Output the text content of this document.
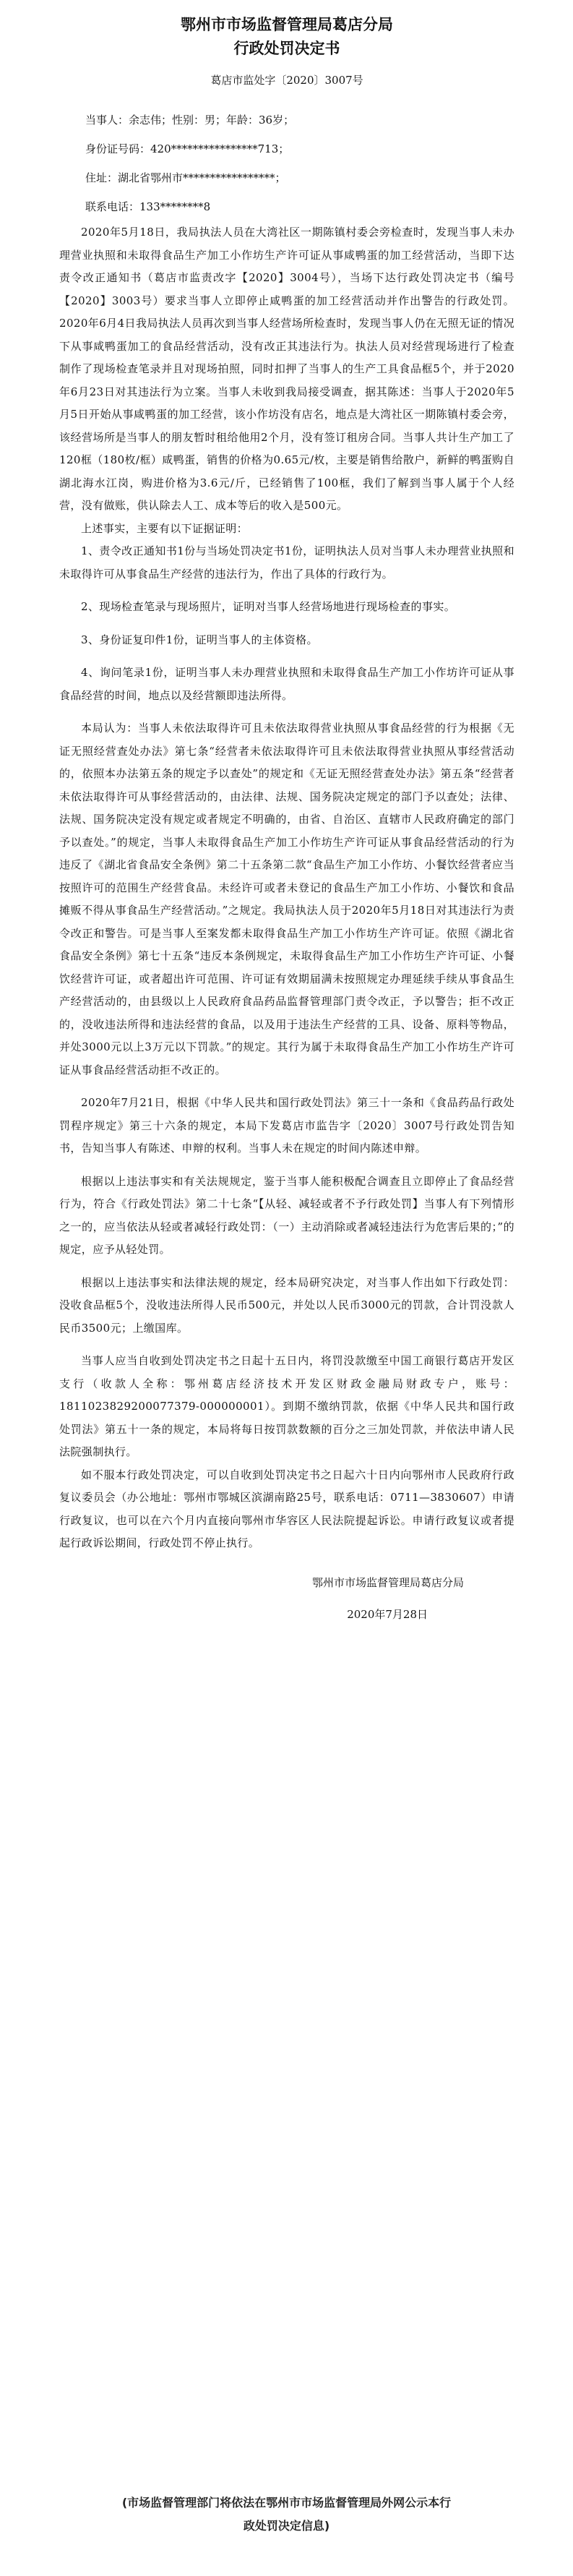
鄂州市市场监督管理局葛店分局
行政处罚决定书
葛店市监处字〔2020〕3007号

当事人：余志伟；性别：男；年龄：36岁；

身份证号码：420****************713；

住址：湖北省鄂州市*****************；

联系电话：133********8

2020年5月18日，我局执法人员在大湾社区一期陈镇村委会旁检查时，发现当事人未办理营业执照和未取得食品生产加工小作坊生产许可证从事咸鸭蛋的加工经营活动，当即下达责令改正通知书（葛店市监责改字【2020】3004号），当场下达行政处罚决定书（编号【2020】3003号）要求当事人立即停止咸鸭蛋的加工经营活动并作出警告的行政处罚。2020年6月4日我局执法人员再次到当事人经营场所检查时，发现当事人仍在无照无证的情况下从事咸鸭蛋加工的食品经营活动，没有改正其违法行为。执法人员对经营现场进行了检查制作了现场检查笔录并且对现场拍照，同时扣押了当事人的生产工具食品框5个，并于2020年6月23日对其违法行为立案。当事人未收到我局接受调查，据其陈述：当事人于2020年5月5日开始从事咸鸭蛋的加工经营，该小作坊没有店名，地点是大湾社区一期陈镇村委会旁，该经营场所是当事人的朋友暂时租给他用2个月，没有签订租房合同。当事人共计生产加工了120框（180枚/框）咸鸭蛋，销售的价格为0.65元/枚，主要是销售给散户，新鲜的鸭蛋购自湖北海水江岗，购进价格为3.6元/斤，已经销售了100框，我们了解到当事人属于个人经营，没有做账，供认除去人工、成本等后的收入是500元。

上述事实，主要有以下证据证明：

1、责令改正通知书1份与当场处罚决定书1份，证明执法人员对当事人未办理营业执照和未取得许可从事食品生产经营的违法行为，作出了具体的行政行为。

2、现场检查笔录与现场照片，证明对当事人经营场地进行现场检查的事实。

3、身份证复印件1份，证明当事人的主体资格。

4、询问笔录1份，证明当事人未办理营业执照和未取得食品生产加工小作坊许可证从事食品经营的时间，地点以及经营额即违法所得。

本局认为：当事人未依法取得许可且未依法取得营业执照从事食品经营的行为根据《无证无照经营查处办法》第七条“经营者未依法取得许可且未依法取得营业执照从事经营活动的，依照本办法第五条的规定予以查处”的规定和《无证无照经营查处办法》第五条“经营者未依法取得许可从事经营活动的，由法律、法规、国务院决定规定的部门予以查处；法律、法规、国务院决定没有规定或者规定不明确的，由省、自治区、直辖市人民政府确定的部门予以查处。”的规定，当事人未取得食品生产加工小作坊生产许可证从事食品经营活动的行为违反了《湖北省食品安全条例》第二十五条第二款“食品生产加工小作坊、小餐饮经营者应当按照许可的范围生产经营食品。未经许可或者未登记的食品生产加工小作坊、小餐饮和食品摊贩不得从事食品生产经营活动。”之规定。我局执法人员于2020年5月18日对其违法行为责令改正和警告。可是当事人至案发都未取得食品生产加工小作坊生产许可证。依照《湖北省食品安全条例》第七十五条“违反本条例规定，未取得食品生产加工小作坊生产许可证、小餐饮经营许可证，或者超出许可范围、许可证有效期届满未按照规定办理延续手续从事食品生产经营活动的，由县级以上人民政府食品药品监督管理部门责令改正，予以警告；拒不改正的，没收违法所得和违法经营的食品，以及用于违法生产经营的工具、设备、原料等物品，并处3000元以上3万元以下罚款。”的规定。其行为属于未取得食品生产加工小作坊生产许可证从事食品经营活动拒不改正的。

2020年7月21日，根据《中华人民共和国行政处罚法》第三十一条和《食品药品行政处罚程序规定》第三十六条的规定，本局下发葛店市监告字〔2020〕3007号行政处罚告知书，告知当事人有陈述、申辩的权利。当事人未在规定的时间内陈述申辩。

根据以上违法事实和有关法规规定，鉴于当事人能积极配合调查且立即停止了食品经营行为，符合《行政处罚法》第二十七条“【从轻、减轻或者不予行政处罚】当事人有下列情形之一的，应当依法从轻或者减轻行政处罚：（一）主动消除或者减轻违法行为危害后果的；”的规定，应予从轻处罚。

根据以上违法事实和法律法规的规定，经本局研究决定，对当事人作出如下行政处罚：没收食品框5个，没收违法所得人民币500元，并处以人民币3000元的罚款，合计罚没款人民币3500元；上缴国库。

当事人应当自收到处罚决定书之日起十五日内，将罚没款缴至中国工商银行葛店开发区支行（收款人全称：鄂州葛店经济技术开发区财政金融局财政专户，账号：18110238292000773​79-000000001）。到期不缴纳罚款，依据《中华人民共和国行政处罚法》第五十一条的规定，本局将每日按罚款数额的百分之三加处罚款，并依法申请人民法院强制执行。

如不服本行政处罚决定，可以自收到处罚决定书之日起六十日内向鄂州市人民政府行政复议委员会（办公地址：鄂州市鄂城区滨湖南路25号，联系电话：0711—3830607）申请行政复议，也可以在六个月内直接向鄂州市华容区人民法院提起诉讼。申请行政复议或者提起行政诉讼期间，行政处罚不停止执行。

鄂州市市场监督管理局葛店分局
2020年7月28日
(市场监督管理部门将依法在鄂州市市场监督管理局外网公示本行
政处罚决定信息)
